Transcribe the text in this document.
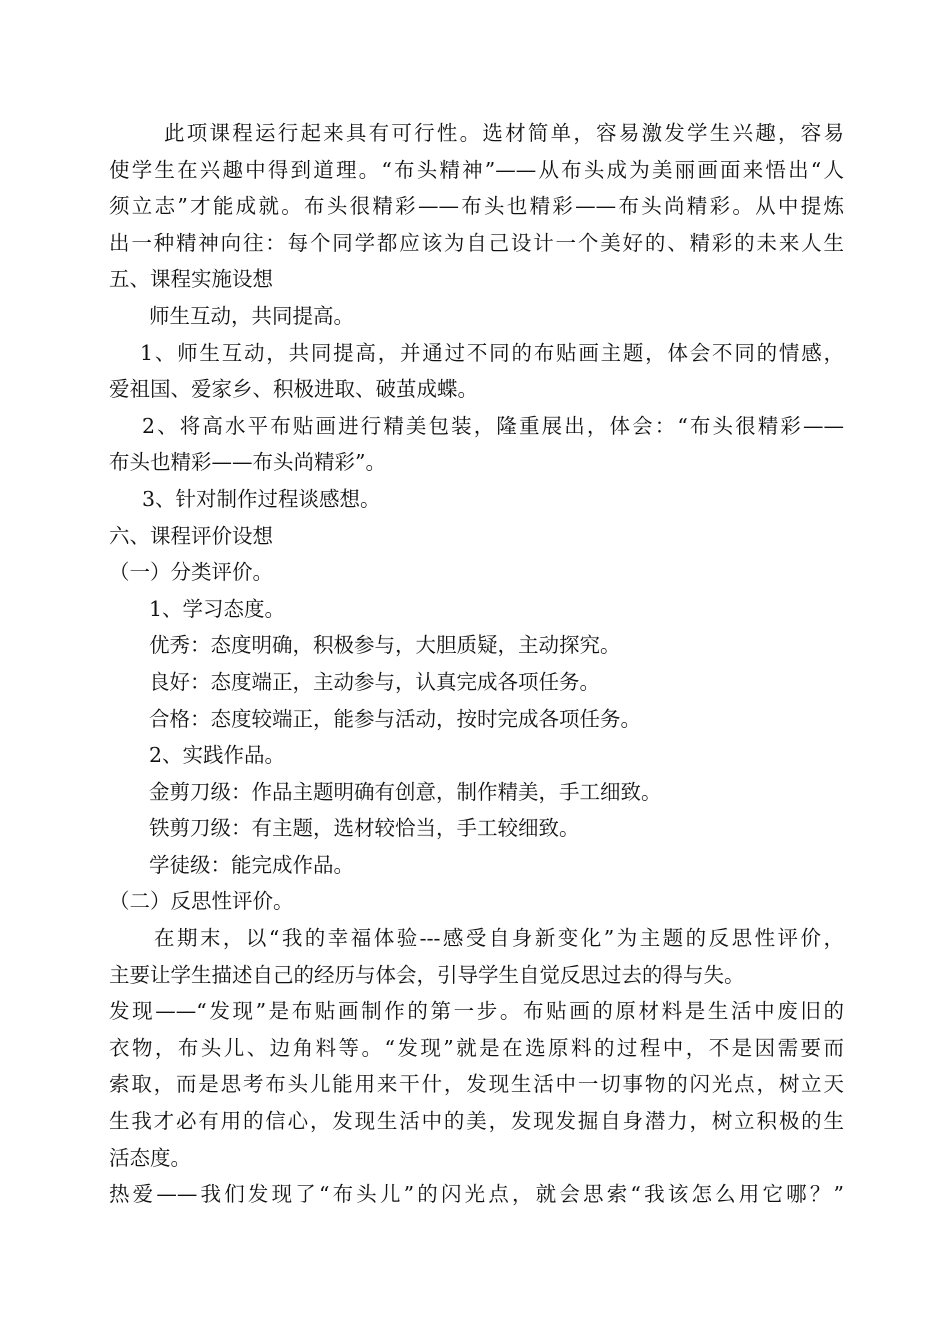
此项课程运行起来具有可行性。选材简单，容易激发学生兴趣，容易
使学生在兴趣中得到道理。“布头精神”——从布头成为美丽画面来悟出“人
须立志”才能成就。布头很精彩——布头也精彩——布头尚精彩。从中提炼
出一种精神向往：每个同学都应该为自己设计一个美好的、精彩的未来人生
五、课程实施设想
师生互动，共同提高。
1、师生互动，共同提高，并通过不同的布贴画主题，体会不同的情感，
爱祖国、爱家乡、积极进取、破茧成蝶。
2、将高水平布贴画进行精美包装，隆重展出，体会：“布头很精彩——
布头也精彩——布头尚精彩”。
3、针对制作过程谈感想。
六、课程评价设想
（一）分类评价。
1、学习态度。
优秀：态度明确，积极参与，大胆质疑，主动探究。
良好：态度端正，主动参与，认真完成各项任务。
合格：态度较端正，能参与活动，按时完成各项任务。
2、实践作品。
金剪刀级：作品主题明确有创意，制作精美，手工细致。
铁剪刀级：有主题，选材较恰当，手工较细致。
学徒级：能完成作品。
（二）反思性评价。
在期末，以“我的幸福体验---感受自身新变化”为主题的反思性评价，
主要让学生描述自己的经历与体会，引导学生自觉反思过去的得与失。
发现——“发现”是布贴画制作的第一步。布贴画的原材料是生活中废旧的
衣物，布头儿、边角料等。“发现”就是在选原料的过程中，不是因需要而
索取，而是思考布头儿能用来干什，发现生活中一切事物的闪光点，树立天
生我才必有用的信心，发现生活中的美，发现发掘自身潜力，树立积极的生
活态度。
热爱——我们发现了“布头儿”的闪光点，就会思索“我该怎么用它哪？”
